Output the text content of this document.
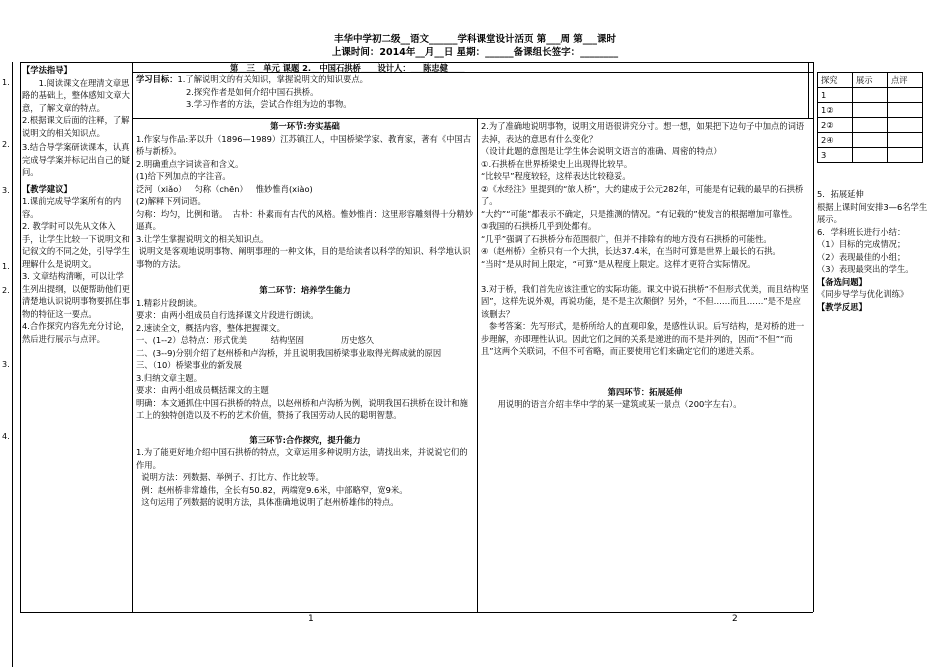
丰华中学初二级__语文______学科课堂设计活页 第___周 第___课时
上课时间：2014年__月__日 星期：______备课组长签字：________
1.
2.
3.
1.
2.
3.
4.
【学法指导】
1.阅读课文在理清文章思路的基础上，整体感知文章大意，了解文章的特点。
2.根据课文后面的注释，了解说明文的相关知识点。
3.结合导学案研读课本，认真完成导学案并标记出自己的疑问。
【教学建议】
1.课前完成导学案所有的内容。
2. 教学时可以先从文体入手，让学生比较一下说明文和记叙文的不同之处，引导学生理解什么是说明文。
3. 文章结构清晰，可以让学生列出提纲，以便帮助他们更清楚地认识说明事物要抓住事物的特征这一要点。
4.合作探究内容先充分讨论，然后进行展示与点评。
第__三__单元 课题 2.__中国石拱桥____设计人：___陈忠健____
学习目标：1.了解说明文的有关知识，掌握说明文的知识要点。
2.探究作者是如何介绍中国石拱桥。
3.学习作者的方法，尝试合作组为边的事物。
第一环节:夯实基础
1.作家与作品:茅以升（1896—1989）江苏镇江人，中国桥梁学家、教育家，著有《中国古桥与新桥》。
2.明确重点字词读音和含义。
(1)给下列加点的字注音。
泛河（xiǎo）   匀称（chēn）   惟妙惟肖(xiào)
(2)解释下列词语。
匀称：均匀，比例和谐。  古朴：朴素而有古代的风格。惟妙惟肖：这里形容雕刻得十分精妙逼真。
3.让学生掌握说明文的相关知识点。
说明文是客观地说明事物、阐明事理的一种文体，目的是给读者以科学的知识、科学地认识事物的方法。
第二环节：培养学生能力
1.精彩片段朗读。
要求：由两小组成员自行选择课文片段进行朗读。
2.速读全文，概括内容，整体把握课文。
一、(1--2）总特点：形式优美         结构坚固              历史悠久
二、(3--9)分别介绍了赵州桥和卢沟桥，并且说明我国桥梁事业取得光辉成就的原因
三、（10）桥梁事业的新发展
3.归纳文章主题。
要求：由两小组成员概括课文的主题
明确：本文通抓住中国石拱桥的特点，以赵州桥和卢沟桥为例，说明我国石拱桥在设计和施工上的独特创造以及不朽的艺术价值，赞扬了我国劳动人民的聪明智慧。
第三环节:合作探究，提升能力
1.为了能更好地介绍中国石拱桥的特点，文章运用多种说明方法，请找出来，并说说它们的作用。
说明方法：列数据、举例子、打比方、作比较等。
例：赵州桥非常雄伟，全长有50.82，两端宽9.6米，中部略窄，宽9米。
这句运用了列数据的说明方法，具体准确地说明了赵州桥雄伟的特点。
2.为了准确地说明事物，说明文用语很讲究分寸。想一想，如果把下边句子中加点的词语去掉，表达的意思有什么变化？
（设计此题的意图是让学生体会说明文语言的准确、周密的特点）
①.石拱桥在世界桥梁史上出现得比较早。
“比较早”程度较轻，这样表达比较稳妥。
②《水经注》里提到的“旅人桥”，大约建成于公元282年，可能是有记载的最早的石拱桥了。
“大约”“可能”都表示不确定，只是推测的情况。“有记载的”使发言的根据增加可靠性。
③我国的石拱桥几乎到处都有。
“几乎”强调了石拱桥分布范围很广，但并不排除有的地方没有石拱桥的可能性。
④（赵州桥）全桥只有一个大拱，长达37.4米，在当时可算是世界上最长的石拱。
“当时”是从时间上限定，“可算”是从程度上限定。这样才更符合实际情况。

3.对于桥，我们首先应该注重它的实际功能。课文中说石拱桥“不但形式优美，而且结构坚固”，这样先说外观，再说功能，是不是主次颠倒？另外，“不但……而且……”是不是应该删去？
参考答案：先写形式，是桥所给人的直观印象，是感性认识。后写结构，是对桥的进一步理解，亦即理性认识。因此它们之间的关系是递进的而不是并列的，因而“不但”“而且”这两个关联词，不但不可省略，而正要使用它们来确定它们的递进关系。
第四环节：拓展延伸
用说明的语言介绍丰华中学的某一建筑或某一景点（200字左右）。
探究	展示	点评
1		
1②		
2②		
2④		
3		
5．拓展延伸
根据上课时间安排3—6名学生展示。
6．学科班长进行小结：
（1）目标的完成情况；
（2）表现最佳的小组；
（3）表现最突出的学生。
【备选问题】
《同步导学与优化训练》
【教学反思】
1	2
